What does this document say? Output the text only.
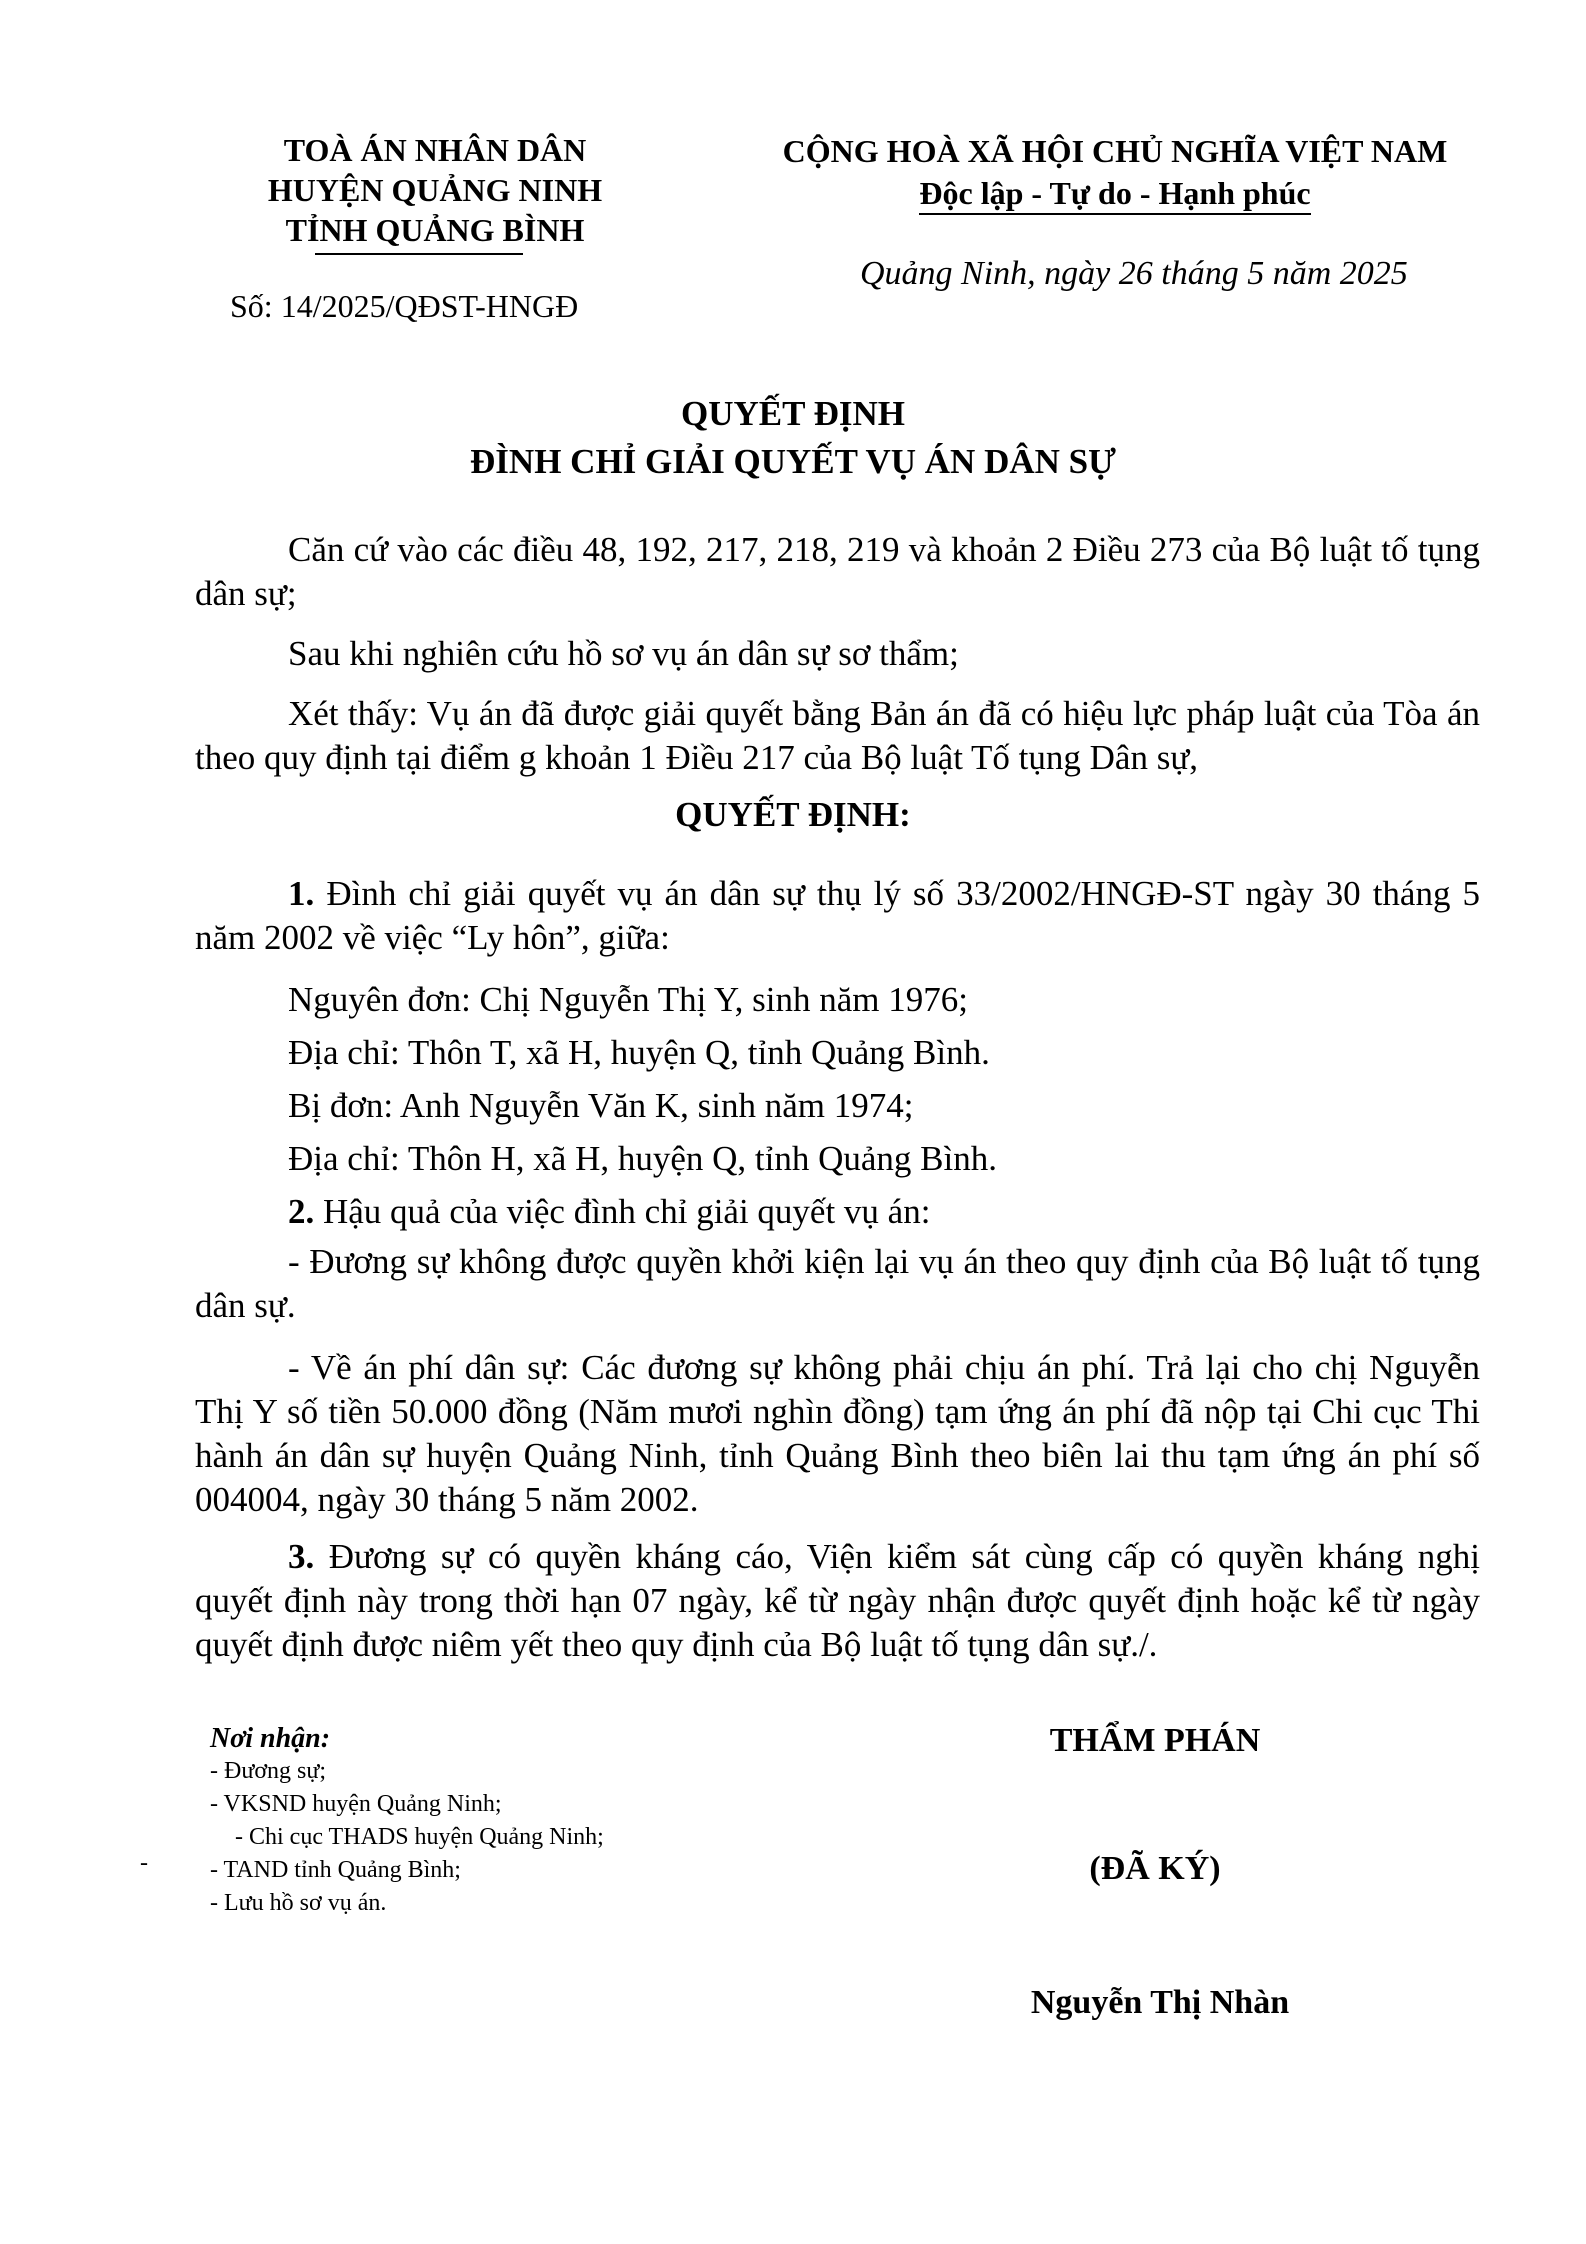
TOÀ ÁN NHÂN DÂN
HUYỆN QUẢNG NINH
TỈNH QUẢNG BÌNH
Số: 14/2025/QĐST-HNGĐ
CỘNG HOÀ XÃ HỘI CHỦ NGHĨA VIỆT NAM
Độc lập - Tự do - Hạnh phúc
Quảng Ninh, ngày 26 tháng 5 năm 2025
QUYẾT ĐỊNH
ĐÌNH CHỈ GIẢI QUYẾT VỤ ÁN DÂN SỰ

Căn cứ vào các điều 48, 192, 217, 218, 219 và khoản 2 Điều 273 của Bộ luật tố tụng dân sự;

Sau khi nghiên cứu hồ sơ vụ án dân sự sơ thẩm;

Xét thấy: Vụ án đã được giải quyết bằng Bản án đã có hiệu lực pháp luật của Tòa án theo quy định tại điểm g khoản 1 Điều 217 của Bộ luật Tố tụng Dân sự,

QUYẾT ĐỊNH:

1. Đình chỉ giải quyết vụ án dân sự thụ lý số 33/2002/HNGĐ-ST ngày 30 tháng 5 năm 2002 về việc “Ly hôn”, giữa:

Nguyên đơn: Chị Nguyễn Thị Y, sinh năm 1976;

Địa chỉ: Thôn T, xã H, huyện Q, tỉnh Quảng Bình.

Bị đơn: Anh Nguyễn Văn K, sinh năm 1974;

Địa chỉ: Thôn H, xã H, huyện Q, tỉnh Quảng Bình.

2. Hậu quả của việc đình chỉ giải quyết vụ án:

- Đương sự không được quyền khởi kiện lại vụ án theo quy định của Bộ luật tố tụng dân sự.

- Về án phí dân sự: Các đương sự không phải chịu án phí. Trả lại cho chị Nguyễn Thị Y số tiền 50.000 đồng (Năm mươi nghìn đồng) tạm ứng án phí đã nộp tại Chi cục Thi hành án dân sự huyện Quảng Ninh, tỉnh Quảng Bình theo biên lai thu tạm ứng án phí số 004004, ngày 30 tháng 5 năm 2002.

3. Đương sự có quyền kháng cáo, Viện kiểm sát cùng cấp có quyền kháng nghị quyết định này trong thời hạn 07 ngày, kể từ ngày nhận được quyết định hoặc kể từ ngày quyết định được niêm yết theo quy định của Bộ luật tố tụng dân sự./.

Nơi nhận:
- Đương sự;
- VKSND huyện Quảng Ninh;
- Chi cục THADS huyện Quảng Ninh;
- TAND tỉnh Quảng Bình;
- Lưu hồ sơ vụ án.
-
THẨM PHÁN
(ĐÃ KÝ)
Nguyễn Thị Nhàn
